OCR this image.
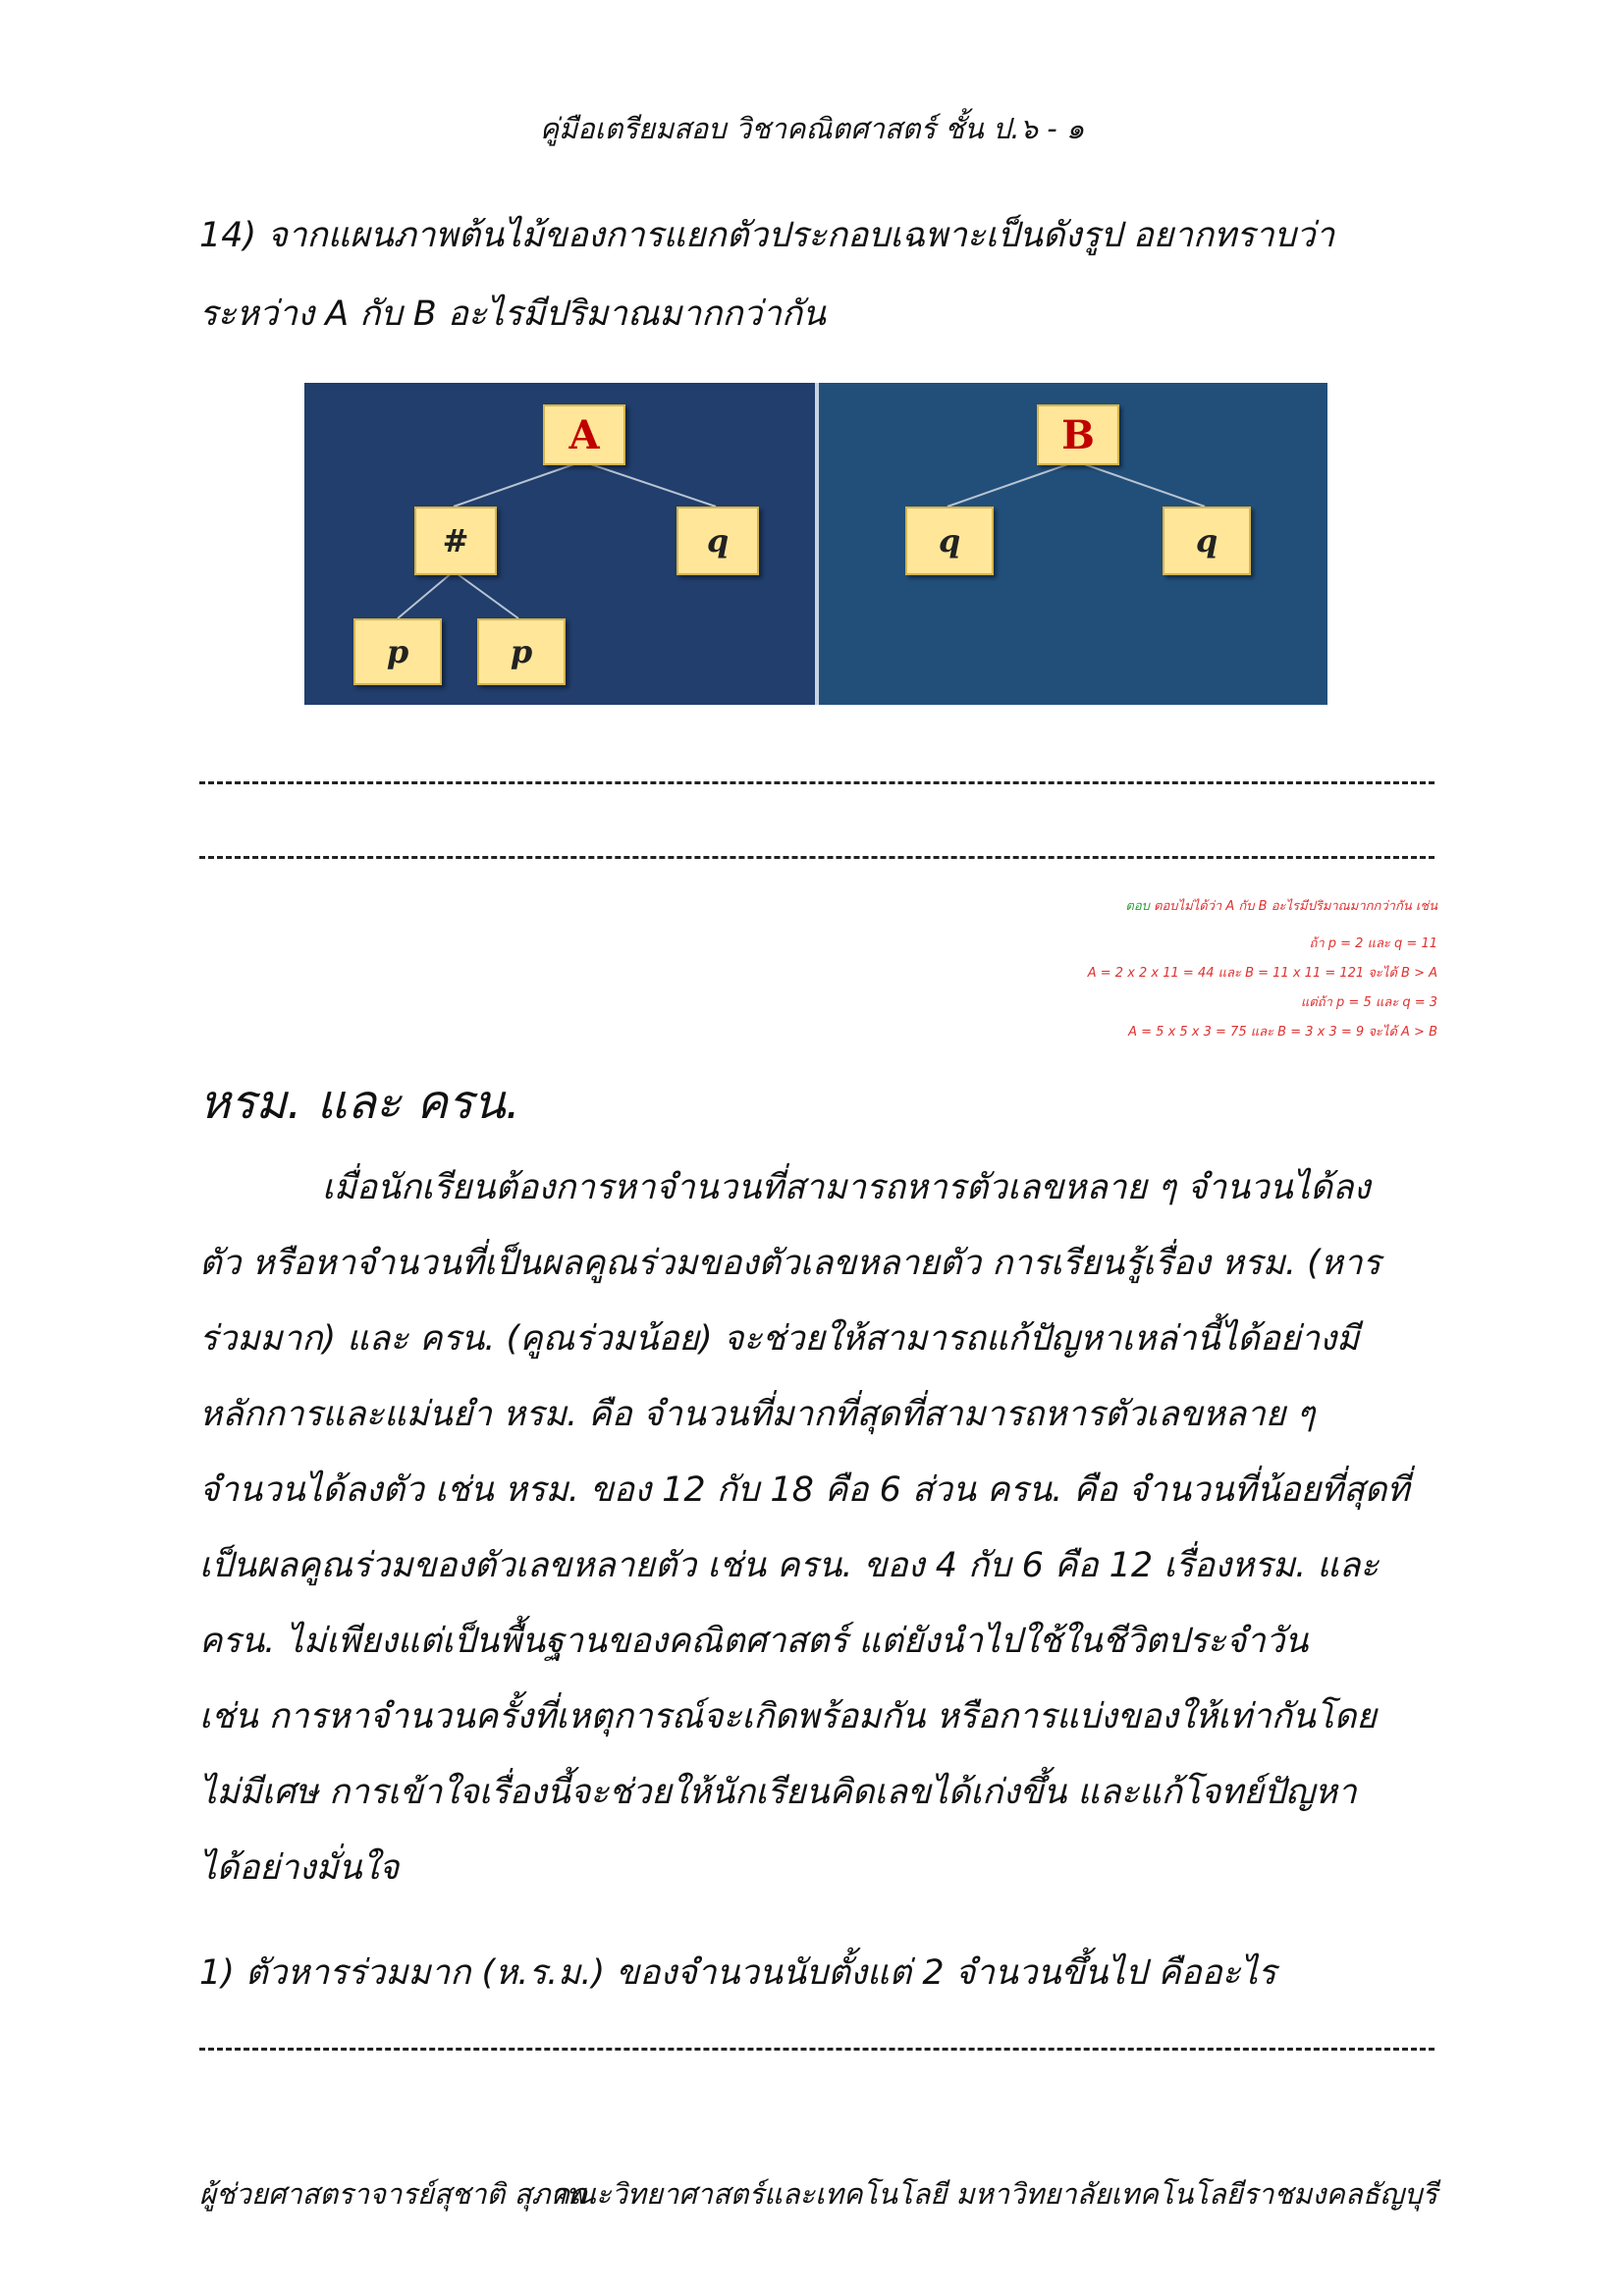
คู่มือเตรียมสอบ วิชาคณิตศาสตร์ ชั้น ป.๖ - ๑
14) จากแผนภาพต้นไม้ของการแยกตัวประกอบเฉพาะเป็นดังรูป อยากทราบว่า
ระหว่าง A กับ B อะไรมีปริมาณมากกว่ากัน
A
#	q
p	p
B
q	q
ตอบ ตอบไม่ได้ว่า A กับ B อะไรมีปริมาณมากกว่ากัน เช่น
ถ้า p = 2 และ q = 11
A = 2 x 2 x 11 = 44 และ B = 11 x 11 = 121 จะได้ B > A
แต่ถ้า p = 5 และ q = 3
A = 5 x 5 x 3 = 75 และ B = 3 x 3 = 9 จะได้ A > B
หรม. และ ครน.
เมื่อนักเรียนต้องการหาจำนวนที่สามารถหารตัวเลขหลาย ๆ จำนวนได้ลง
ตัว หรือหาจำนวนที่เป็นผลคูณร่วมของตัวเลขหลายตัว การเรียนรู้เรื่อง หรม. (หาร
ร่วมมาก) และ ครน. (คูณร่วมน้อย) จะช่วยให้สามารถแก้ปัญหาเหล่านี้ได้อย่างมี
หลักการและแม่นยำ หรม. คือ จำนวนที่มากที่สุดที่สามารถหารตัวเลขหลาย ๆ
จำนวนได้ลงตัว เช่น หรม. ของ 12 กับ 18 คือ 6 ส่วน ครน. คือ จำนวนที่น้อยที่สุดที่
เป็นผลคูณร่วมของตัวเลขหลายตัว เช่น ครน. ของ 4 กับ 6 คือ 12 เรื่องหรม. และ
ครน. ไม่เพียงแต่เป็นพื้นฐานของคณิตศาสตร์ แต่ยังนำไปใช้ในชีวิตประจำวัน
เช่น การหาจำนวนครั้งที่เหตุการณ์จะเกิดพร้อมกัน หรือการแบ่งของให้เท่ากันโดย
ไม่มีเศษ การเข้าใจเรื่องนี้จะช่วยให้นักเรียนคิดเลขได้เก่งขึ้น และแก้โจทย์ปัญหา
ได้อย่างมั่นใจ
1) ตัวหารร่วมมาก (ห.ร.ม.) ของจำนวนนับตั้งแต่ 2 จำนวนขึ้นไป คืออะไร
ผู้ช่วยศาสตราจารย์สุชาติ สุภาพ
คณะวิทยาศาสตร์และเทคโนโลยี มหาวิทยาลัยเทคโนโลยีราชมงคลธัญบุรี
